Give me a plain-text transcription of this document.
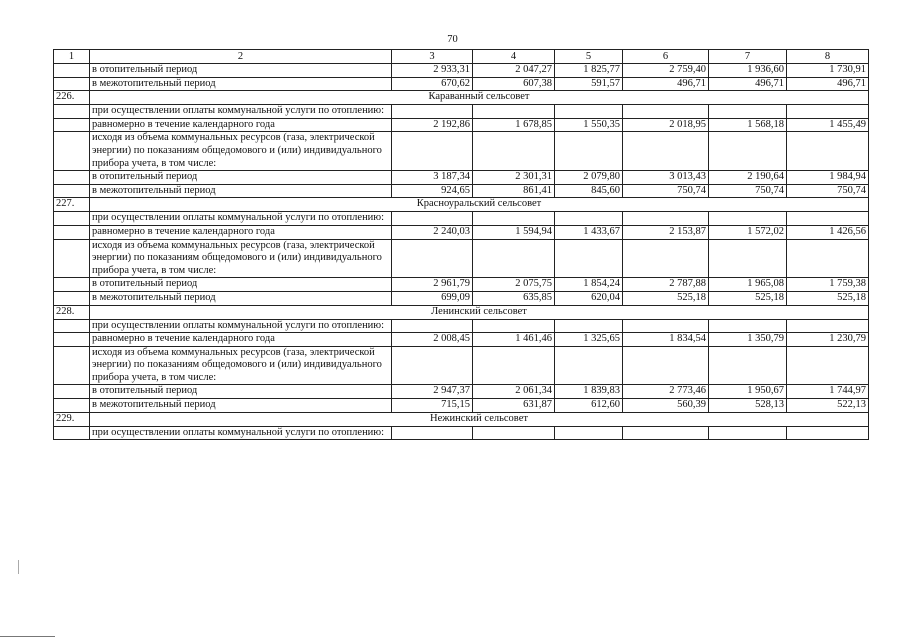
70
1	2	3	4	5	6	7	8
	в отопительный период	2 933,31	2 047,27	1 825,77	2 759,40	1 936,60	1 730,91
	в межотопительный период	670,62	607,38	591,57	496,71	496,71	496,71
226.	Караванный сельсовет						
	при осуществлении оплаты коммунальной услуги по отоплению:						
	равномерно в течение календарного года	2 192,86	1 678,85	1 550,35	2 018,95	1 568,18	1 455,49
	исходя из объема коммунальных ресурсов (газа, электрической энергии) по показаниям общедомового и (или) индивидуального прибора учета, в том числе:						
	в отопительный период	3 187,34	2 301,31	2 079,80	3 013,43	2 190,64	1 984,94
	в межотопительный период	924,65	861,41	845,60	750,74	750,74	750,74
227.	Красноуральский сельсовет						
	при осуществлении оплаты коммунальной услуги по отоплению:						
	равномерно в течение календарного года	2 240,03	1 594,94	1 433,67	2 153,87	1 572,02	1 426,56
	исходя из объема коммунальных ресурсов (газа, электрической энергии) по показаниям общедомового и (или) индивидуального прибора учета, в том числе:						
	в отопительный период	2 961,79	2 075,75	1 854,24	2 787,88	1 965,08	1 759,38
	в межотопительный период	699,09	635,85	620,04	525,18	525,18	525,18
228.	Ленинский сельсовет						
	при осуществлении оплаты коммунальной услуги по отоплению:						
	равномерно в течение календарного года	2 008,45	1 461,46	1 325,65	1 834,54	1 350,79	1 230,79
	исходя из объема коммунальных ресурсов (газа, электрической энергии) по показаниям общедомового и (или) индивидуального прибора учета, в том числе:						
	в отопительный период	2 947,37	2 061,34	1 839,83	2 773,46	1 950,67	1 744,97
	в межотопительный период	715,15	631,87	612,60	560,39	528,13	522,13
229.	Нежинский сельсовет						
	при осуществлении оплаты коммунальной услуги по отоплению:						
